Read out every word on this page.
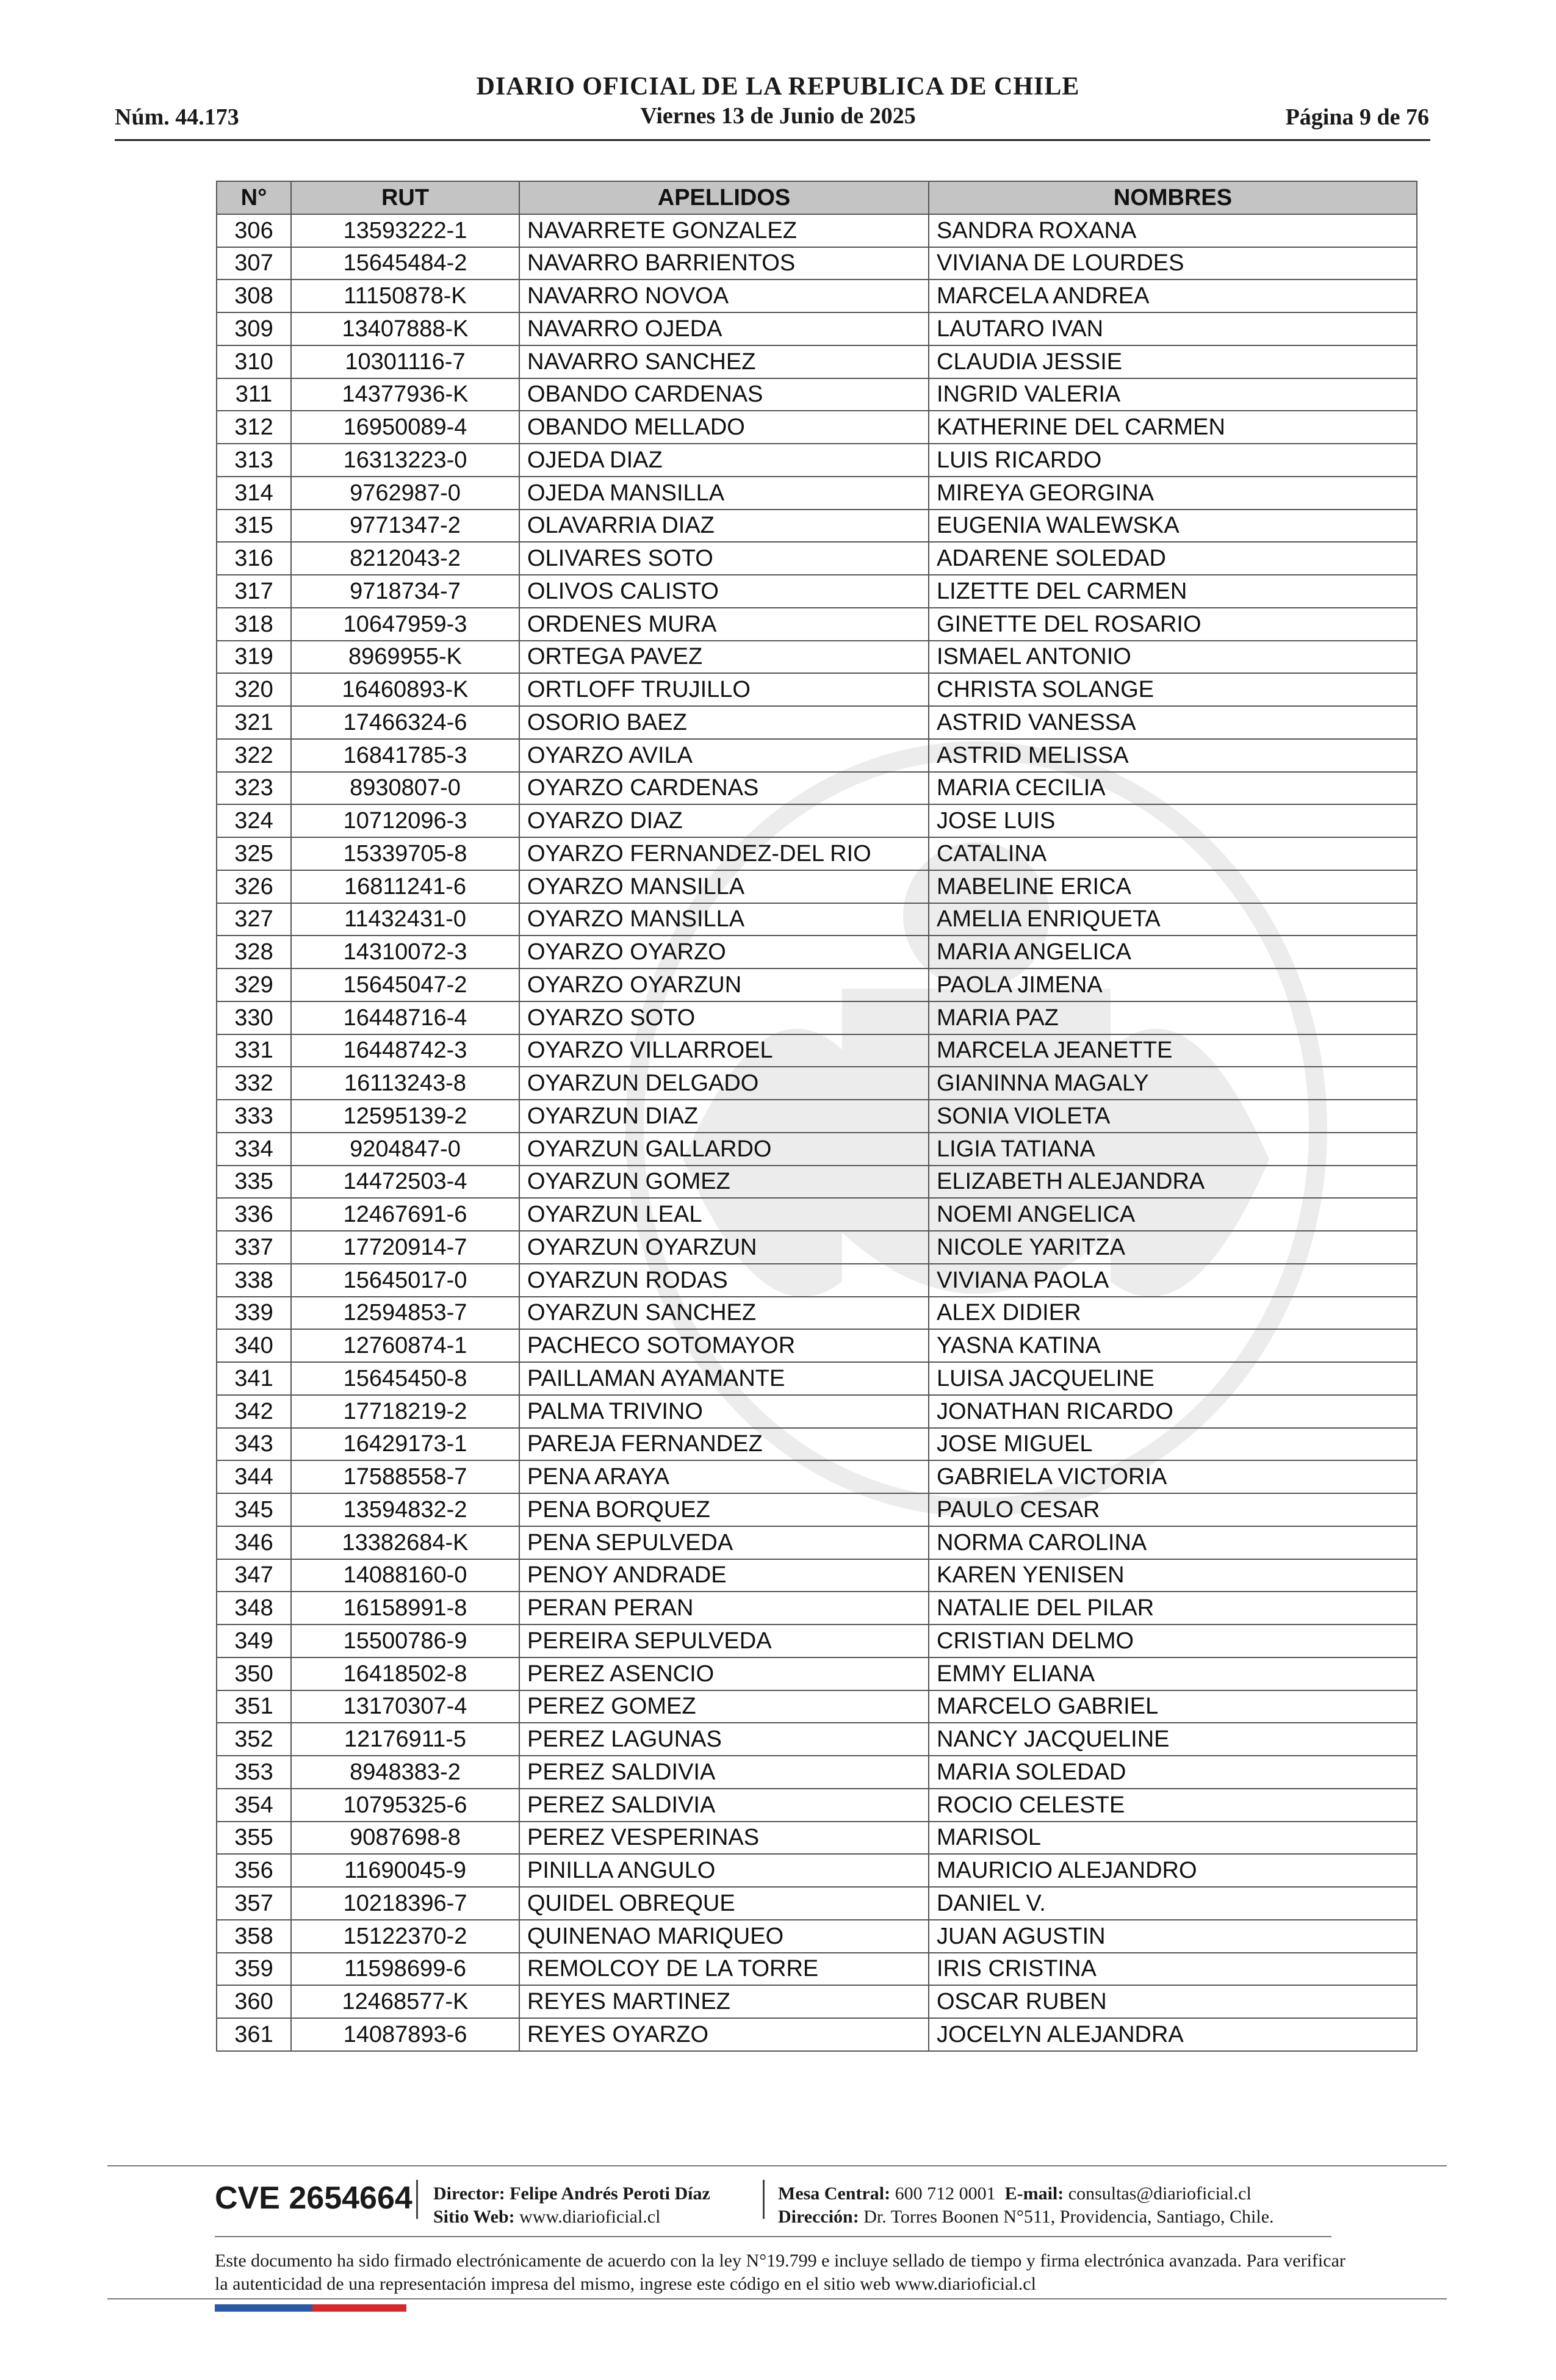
DIARIO OFICIAL DE LA REPUBLICA DE CHILE
Núm. 44.173	Viernes 13 de Junio de 2025	Página 9 de 76
N°	RUT	APELLIDOS	NOMBRES
306	13593222-1	NAVARRETE GONZALEZ	SANDRA ROXANA
307	15645484-2	NAVARRO BARRIENTOS	VIVIANA DE LOURDES
308	11150878-K	NAVARRO NOVOA	MARCELA ANDREA
309	13407888-K	NAVARRO OJEDA	LAUTARO IVAN
310	10301116-7	NAVARRO SANCHEZ	CLAUDIA JESSIE
311	14377936-K	OBANDO CARDENAS	INGRID VALERIA
312	16950089-4	OBANDO MELLADO	KATHERINE DEL CARMEN
313	16313223-0	OJEDA DIAZ	LUIS RICARDO
314	9762987-0	OJEDA MANSILLA	MIREYA GEORGINA
315	9771347-2	OLAVARRIA DIAZ	EUGENIA WALEWSKA
316	8212043-2	OLIVARES SOTO	ADARENE SOLEDAD
317	9718734-7	OLIVOS CALISTO	LIZETTE DEL CARMEN
318	10647959-3	ORDENES MURA	GINETTE DEL ROSARIO
319	8969955-K	ORTEGA PAVEZ	ISMAEL ANTONIO
320	16460893-K	ORTLOFF TRUJILLO	CHRISTA SOLANGE
321	17466324-6	OSORIO BAEZ	ASTRID VANESSA
322	16841785-3	OYARZO AVILA	ASTRID MELISSA
323	8930807-0	OYARZO CARDENAS	MARIA CECILIA
324	10712096-3	OYARZO DIAZ	JOSE LUIS
325	15339705-8	OYARZO FERNANDEZ-DEL RIO	CATALINA
326	16811241-6	OYARZO MANSILLA	MABELINE ERICA
327	11432431-0	OYARZO MANSILLA	AMELIA ENRIQUETA
328	14310072-3	OYARZO OYARZO	MARIA ANGELICA
329	15645047-2	OYARZO OYARZUN	PAOLA JIMENA
330	16448716-4	OYARZO SOTO	MARIA PAZ
331	16448742-3	OYARZO VILLARROEL	MARCELA JEANETTE
332	16113243-8	OYARZUN DELGADO	GIANINNA MAGALY
333	12595139-2	OYARZUN DIAZ	SONIA VIOLETA
334	9204847-0	OYARZUN GALLARDO	LIGIA TATIANA
335	14472503-4	OYARZUN GOMEZ	ELIZABETH ALEJANDRA
336	12467691-6	OYARZUN LEAL	NOEMI ANGELICA
337	17720914-7	OYARZUN OYARZUN	NICOLE YARITZA
338	15645017-0	OYARZUN RODAS	VIVIANA PAOLA
339	12594853-7	OYARZUN SANCHEZ	ALEX DIDIER
340	12760874-1	PACHECO SOTOMAYOR	YASNA KATINA
341	15645450-8	PAILLAMAN AYAMANTE	LUISA JACQUELINE
342	17718219-2	PALMA TRIVINO	JONATHAN RICARDO
343	16429173-1	PAREJA FERNANDEZ	JOSE MIGUEL
344	17588558-7	PENA ARAYA	GABRIELA VICTORIA
345	13594832-2	PENA BORQUEZ	PAULO CESAR
346	13382684-K	PENA SEPULVEDA	NORMA CAROLINA
347	14088160-0	PENOY ANDRADE	KAREN YENISEN
348	16158991-8	PERAN PERAN	NATALIE DEL PILAR
349	15500786-9	PEREIRA SEPULVEDA	CRISTIAN DELMO
350	16418502-8	PEREZ ASENCIO	EMMY ELIANA
351	13170307-4	PEREZ GOMEZ	MARCELO GABRIEL
352	12176911-5	PEREZ LAGUNAS	NANCY JACQUELINE
353	8948383-2	PEREZ SALDIVIA	MARIA SOLEDAD
354	10795325-6	PEREZ SALDIVIA	ROCIO CELESTE
355	9087698-8	PEREZ VESPERINAS	MARISOL
356	11690045-9	PINILLA ANGULO	MAURICIO ALEJANDRO
357	10218396-7	QUIDEL OBREQUE	DANIEL V.
358	15122370-2	QUINENAO MARIQUEO	JUAN AGUSTIN
359	11598699-6	REMOLCOY DE LA TORRE	IRIS CRISTINA
360	12468577-K	REYES MARTINEZ	OSCAR RUBEN
361	14087893-6	REYES OYARZO	JOCELYN ALEJANDRA
CVE 2654664 Director: Felipe Andrés Peroti Díaz
Sitio Web: www.diarioficial.cl
Mesa Central: 600 712 0001 E-mail: consultas@diarioficial.cl
Dirección: Dr. Torres Boonen N°511, Providencia, Santiago, Chile.
Este documento ha sido firmado electrónicamente de acuerdo con la ley N°19.799 e incluye sellado de tiempo y firma electrónica avanzada. Para verificar la autenticidad de una representación impresa del mismo, ingrese este código en el sitio web www.diarioficial.cl
